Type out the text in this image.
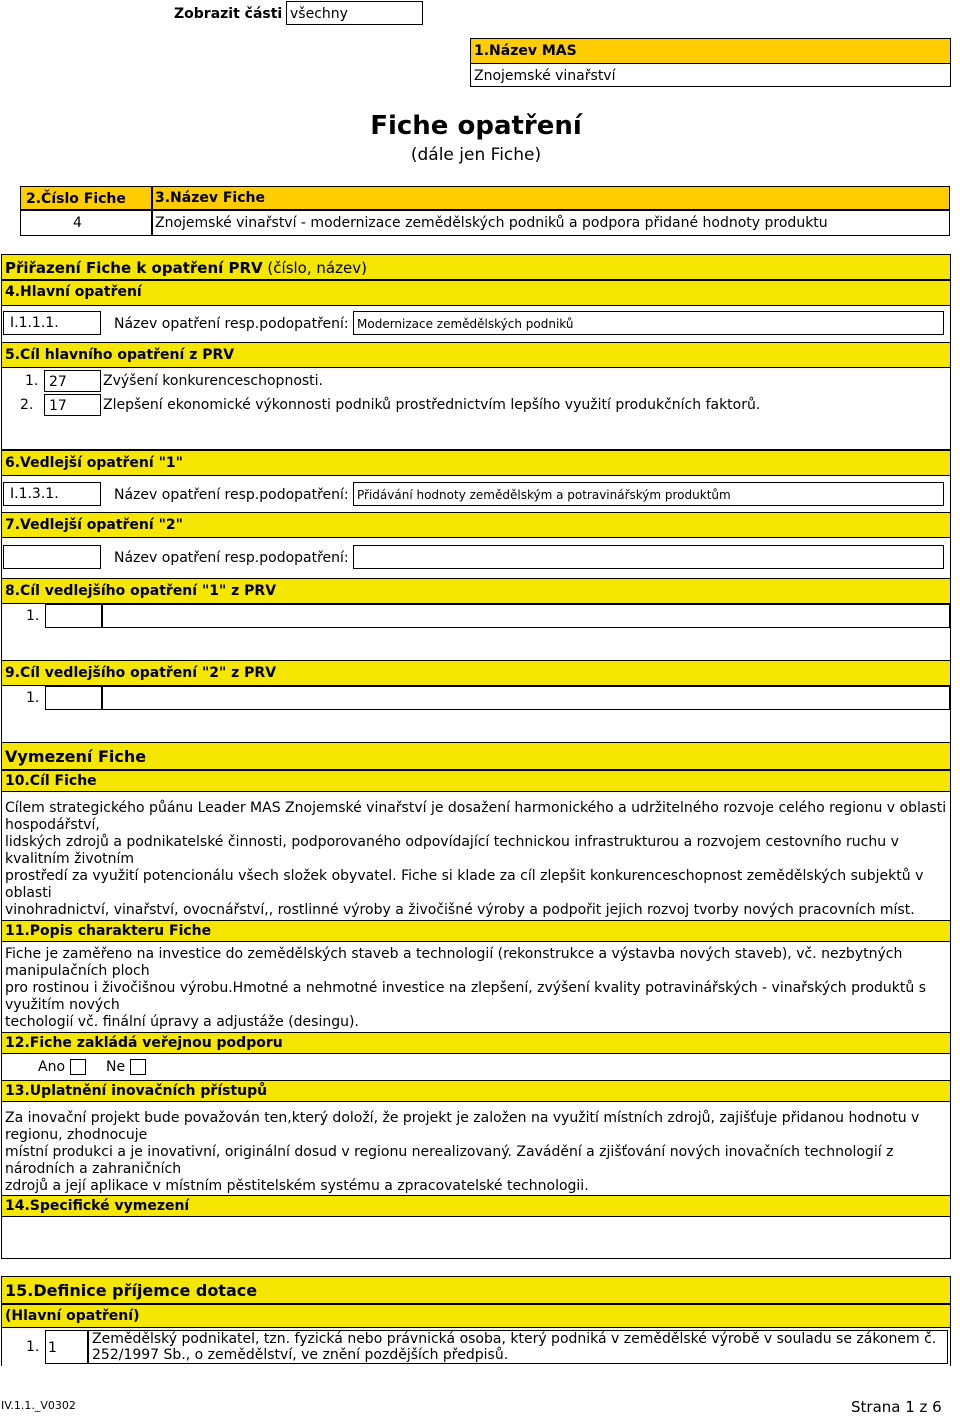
Zobrazit části všechny
1.Název MAS
Znojemské vinařství
Fiche opatření
(dále jen Fiche)
2.Číslo Fiche 3.Název Fiche
4	Znojemské vinařství - modernizace zemědělských podniků a podpora přidané hodnoty produktu
Přiřazení Fiche k opatření PRV (číslo, název)
4.Hlavní opatření
I.1.1.1.	Název opatření resp.podopatření: Modernizace zemědělských podniků
5.Cíl hlavního opatření z PRV
1. 27	Zvýšení konkurenceschopnosti.
2. 17	Zlepšení ekonomické výkonnosti podniků prostřednictvím lepšího využití produkčních faktorů.
6.Vedlejší opatření "1"
I.1.3.1.	Název opatření resp.podopatření: Přidávání hodnoty zemědělským a potravinářským produktům
7.Vedlejší opatření "2"
Název opatření resp.podopatření:
8.Cíl vedlejšího opatření "1" z PRV
1.
9.Cíl vedlejšího opatření "2" z PRV
1.
Vymezení Fiche
10.Cíl Fiche
Cílem strategického půánu Leader MAS Znojemské vinařství je dosažení harmonického a udržitelného rozvoje celého regionu v oblasti hospodářství,
lidských zdrojů a podnikatelské činnosti, podporovaného odpovídající technickou infrastrukturou a rozvojem cestovního ruchu v kvalitním životním
prostředí za využití potencionálu všech složek obyvatel. Fiche si klade za cíl zlepšit konkurenceschopnost zemědělských subjektů v oblasti
vinohradnictví, vinařství, ovocnářství,, rostlinné výroby a živočišné výroby a podpořit jejich rozvoj tvorby nových pracovních míst.
11.Popis charakteru Fiche
Fiche je zaměřeno na investice do zemědělských staveb a technologií (rekonstrukce a výstavba nových staveb), vč. nezbytných manipulačních ploch
pro rostinou i živočišnou výrobu.Hmotné a nehmotné investice na zlepšení, zvýšení kvality potravinářských - vinařských produktů s využitím nových
techologií vč. finální úpravy a adjustáže (desingu).
12.Fiche zakládá veřejnou podporu
Ano	Ne
13.Uplatnění inovačních přístupů
Za inovační projekt bude považován ten,který doloží, že projekt je založen na využití místních zdrojů, zajišťuje přidanou hodnotu v regionu, zhodnocuje
místní produkci a je inovativní, originální dosud v regionu nerealizovaný. Zavádění a zjišťování nových inovačních technologií z národních a zahraničních
zdrojů a její aplikace v místním pěstitelském systému a zpracovatelské technologii.
14.Specifické vymezení
15.Definice příjemce dotace
(Hlavní opatření)
1. 1
Zemědělský podnikatel, tzn. fyzická nebo právnická osoba, který podniká v zemědělské výrobě v souladu se zákonem č.
252/1997 Sb., o zemědělství, ve znění pozdějších předpisů.
IV.1.1._V0302	Strana 1 z 6
